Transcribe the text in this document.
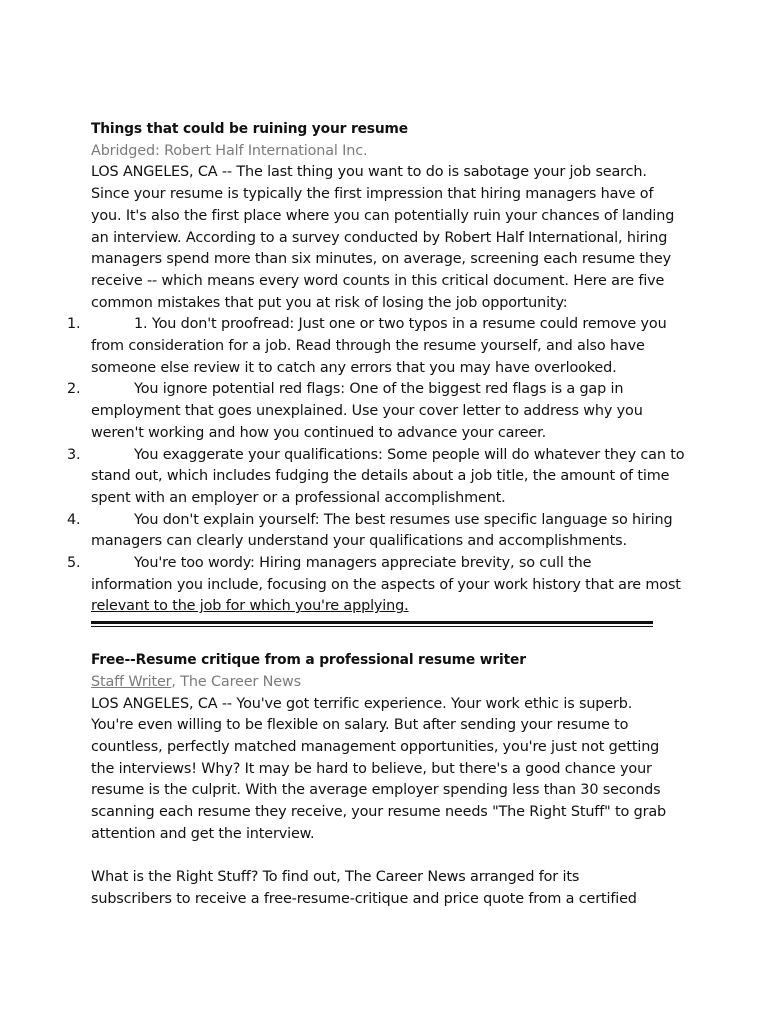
Things that could be ruining your resume
Abridged: Robert Half International Inc.
LOS ANGELES, CA -- The last thing you want to do is sabotage your job search.
Since your resume is typically the first impression that hiring managers have of
you. It's also the first place where you can potentially ruin your chances of landing
an interview. According to a survey conducted by Robert Half International, hiring
managers spend more than six minutes, on average, screening each resume they
receive -- which means every word counts in this critical document. Here are five
common mistakes that put you at risk of losing the job opportunity:
1.	1. You don't proofread: Just one or two typos in a resume could remove you
from consideration for a job. Read through the resume yourself, and also have
someone else review it to catch any errors that you may have overlooked.
2.	You ignore potential red flags: One of the biggest red flags is a gap in
employment that goes unexplained. Use your cover letter to address why you
weren't working and how you continued to advance your career.
3.	You exaggerate your qualifications: Some people will do whatever they can to
stand out, which includes fudging the details about a job title, the amount of time
spent with an employer or a professional accomplishment.
4.	You don't explain yourself: The best resumes use specific language so hiring
managers can clearly understand your qualifications and accomplishments.
5.	You're too wordy: Hiring managers appreciate brevity, so cull the
information you include, focusing on the aspects of your work history that are most
relevant to the job for which you're applying.
Free--Resume critique from a professional resume writer
Staff Writer, The Career News
LOS ANGELES, CA -- You've got terrific experience. Your work ethic is superb.
You're even willing to be flexible on salary. But after sending your resume to
countless, perfectly matched management opportunities, you're just not getting
the interviews! Why? It may be hard to believe, but there's a good chance your
resume is the culprit. With the average employer spending less than 30 seconds
scanning each resume they receive, your resume needs "The Right Stuff" to grab
attention and get the interview.
What is the Right Stuff? To find out, The Career News arranged for its
subscribers to receive a free-resume-critique and price quote from a certified
